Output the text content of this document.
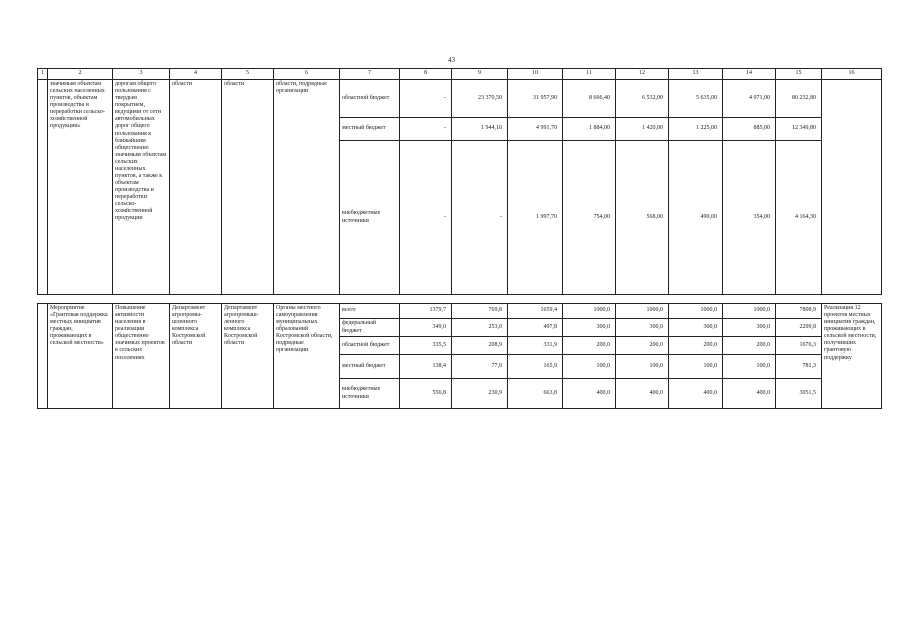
43
1	2	3	4	5	6	7	8	9	10	11	12	13	14	15	16
	значимым объектам сельских населенных пунктов, объектам производства и переработки сельско-хозяйственной продукции»	дорогам общего пользования с твердым покрытием, ведущими от сети автомобильных дорог общего пользования к ближайшим общественно значимым объектам сельских населенных пунктов, а также к объектам производства и переработки сельско-хозяйственной продукции	области	области	области, подрядные организации	областной бюджет	-	23 370,50	31 957,90	8 666,40	6 532,00	5 635,00	4 071,00	80 232,80	
						местный бюджет	-	1 944,10	4 991,70	1 884,00	1 420,00	1 225,00	885,00	12 349,80	
						внебюджетные источники	-	-	1 997,70	754,00	568,00	490,00	354,00	4 164,30	

	Мероприятие «Грантовая поддержка местных инициатив граждан, проживающих в сельской местности»	Повышение активности населения в реализации общественно значимых проектов в сельских поселениях	Департамент агропромы-шленного комплекса Костромской области	Департамент агропромыш-ленного комплекса Костромской области	Органы местного самоуправления муниципальных образований Костромской области, подрядные организации	всего	1379,7	769,8	1659,4	1000,0	1000,0	1000,0	1000,0	7808,9	Реализация 12 проектов местных инициатив граждан, проживающих в сельской местности, получивших грантовую поддержку
						федеральный бюджет	349,0	253,0	497,8	300,0	300,0	300,0	300,0	2299,8	
						областной бюджет	335,5	208,9	331,9	200,0	200,0	200,0	200,0	1676,3	
						местный бюджет	138,4	77,0	165,9	100,0	100,0	100,0	100,0	781,3	
						внебюджетные источники	556,8	230,9	663,8	400,0	400,0	400,0	400,0	3051,5	
